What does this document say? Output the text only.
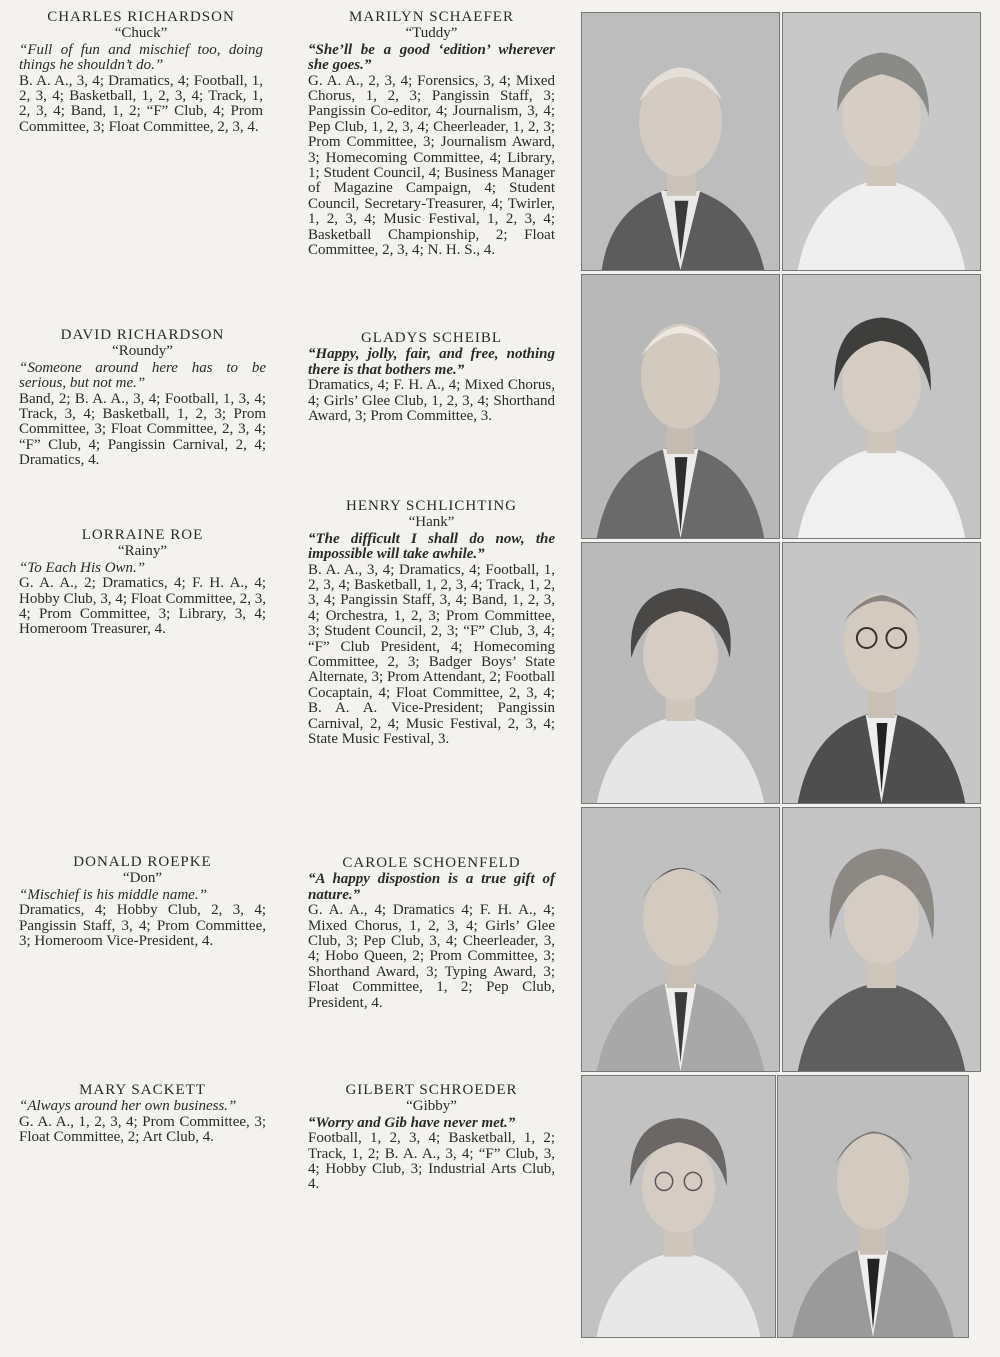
CHARLES RICHARDSON
“Chuck”
“Full of fun and mischief too, doing things he shouldn’t do.”
B. A. A., 3, 4; Dramatics, 4; Football, 1, 2, 3, 4; Basketball, 1, 2, 3, 4; Track, 1, 2, 3, 4; Band, 1, 2; “F” Club, 4; Prom Committee, 3; Float Committee, 2, 3, 4.
DAVID RICHARDSON
“Roundy”
“Someone around here has to be serious, but not me.”
Band, 2; B. A. A., 3, 4; Football, 1, 3, 4; Track, 3, 4; Basketball, 1, 2, 3; Prom Committee, 3; Float Committee, 2, 3, 4; “F” Club, 4; Pangissin Carnival, 2, 4; Dramatics, 4.
LORRAINE ROE
“Rainy”
“To Each His Own.”
G. A. A., 2; Dramatics, 4; F. H. A., 4; Hobby Club, 3, 4; Float Committee, 2, 3, 4; Prom Committee, 3; Library, 3, 4; Homeroom Treasurer, 4.
DONALD ROEPKE
“Don”
“Mischief is his middle name.”
Dramatics, 4; Hobby Club, 2, 3, 4; Pangissin Staff, 3, 4; Prom Committee, 3; Homeroom Vice-President, 4.
MARY SACKETT
“Always around her own business.”
G. A. A., 1, 2, 3, 4; Prom Committee, 3; Float Committee, 2; Art Club, 4.
MARILYN SCHAEFER
“Tuddy”
“She’ll be a good ‘edition’ wherever she goes.”
G. A. A., 2, 3, 4; Forensics, 3, 4; Mixed Chorus, 1, 2, 3; Pangissin Staff, 3; Pangissin Co-editor, 4; Journalism, 3, 4; Pep Club, 1, 2, 3, 4; Cheerleader, 1, 2, 3; Prom Committee, 3; Journalism Award, 3; Homecoming Committee, 4; Library, 1; Student Council, 4; Business Manager of Magazine Campaign, 4; Student Council, Secretary-Treasurer, 4; Twirler, 1, 2, 3, 4; Music Festival, 1, 2, 3, 4; Basketball Championship, 2; Float Committee, 2, 3, 4; N. H. S., 4.
GLADYS SCHEIBL
“Happy, jolly, fair, and free, nothing there is that bothers me.”
Dramatics, 4; F. H. A., 4; Mixed Chorus, 4; Girls’ Glee Club, 1, 2, 3, 4; Shorthand Award, 3; Prom Committee, 3.
HENRY SCHLICHTING
“Hank”
“The difficult I shall do now, the impossible will take awhile.”
B. A. A., 3, 4; Dramatics, 4; Football, 1, 2, 3, 4; Basketball, 1, 2, 3, 4; Track, 1, 2, 3, 4; Pangissin Staff, 3, 4; Band, 1, 2, 3, 4; Orchestra, 1, 2, 3; Prom Committee, 3; Student Council, 2, 3; “F” Club, 3, 4; “F” Club President, 4; Homecoming Committee, 2, 3; Badger Boys’ State Alternate, 3; Prom Attendant, 2; Football Cocaptain, 4; Float Committee, 2, 3, 4; B. A. A. Vice-President; Pangissin Carnival, 2, 4; Music Festival, 2, 3, 4; State Music Festival, 3.
CAROLE SCHOENFELD
“A happy dispostion is a true gift of nature.”
G. A. A., 4; Dramatics 4; F. H. A., 4; Mixed Chorus, 1, 2, 3, 4; Girls’ Glee Club, 3; Pep Club, 3, 4; Cheerleader, 3, 4; Hobo Queen, 2; Prom Committee, 3; Shorthand Award, 3; Typing Award, 3; Float Committee, 1, 2; Pep Club, President, 4.
GILBERT SCHROEDER
“Gibby”
“Worry and Gib have never met.”
Football, 1, 2, 3, 4; Basketball, 1, 2; Track, 1, 2; B. A. A., 3, 4; “F” Club, 3, 4; Hobby Club, 3; Industrial Arts Club, 4.
